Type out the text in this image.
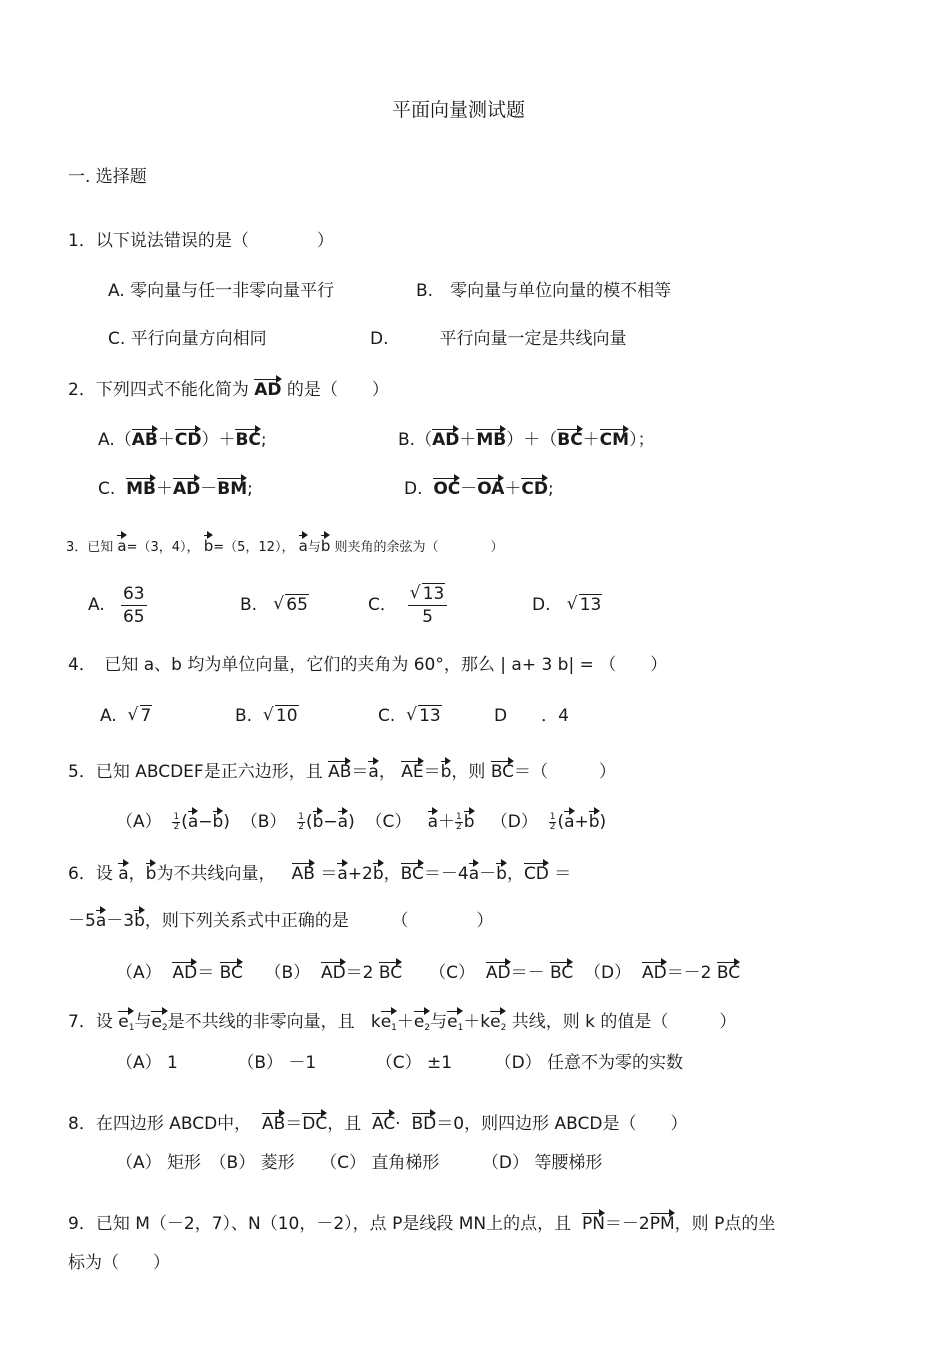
平面向量测试题
一. 选择题
1．以下说法错误的是（　　　　）
A. 零向量与任一非零向量平行	B.　零向量与单位向量的模不相等
C. 平行向量方向相同	D.　　　平行向量一定是共线向量
2．下列四式不能化简为 AD 的是（　　）
A.（AB＋CD）＋BC;	B.（AD＋MB）＋（BC＋CM）；
C. MB＋AD－BM;	D. OC－OA＋CD;
3．已知 a=（3，4）， b=（5，12）， a与b 则夹角的余弦为（　　　　）
A. $\frac{63}{65}$	B. √ 65	C． √ $\frac{13}{5}$	D. √ 13
4．　已知 a、b 均为单位向量，它们的夹角为 60°，那么 | a+ 3 b| = （　　）
A. √ 7	B. √ 10	C. √ 13	D　　．4
5．已知 ABCDEF是正六边形，且 AB＝a， AE＝b，则 BC＝（　　　）
$(A) \frac{1}{2} (a-b)$  $(B) \frac{1}{2} (b-a)$  （C） $a+ \frac{1}{2}$ b $(D) \frac{1}{2} (a+b)$
6．设 a，b为不共线向量， AB ＝a+2b，BC＝－4a－b，CD ＝
－5a－3b，则下列关系式中正确的是　　　（　　　　）
（A） AD＝ BC （B） AD＝2 BC （C） AD＝－ BC （D） AD＝－2 BC
7．设 $e_1$与$e_2$是不共线的非零向量，且   $ke_1+e_2$与$e_1+ke_2$ 共线，则 k 的值是（　　　）
（A） 1　　　　（B） －1　　　　（C） ±1　　　（D） 任意不为零的实数
8．在四边形 ABCD中， AB＝DC，且 AC·  BD＝0，则四边形 ABCD是（　　）
（A） 矩形　（B） 菱形　　（C） 直角梯形　　　（D） 等腰梯形
9．已知 M（－2，7）、N（10，－2），点 P是线段 MN上的点，且 PN＝－2PM，则 P点的坐
标为（　　）
